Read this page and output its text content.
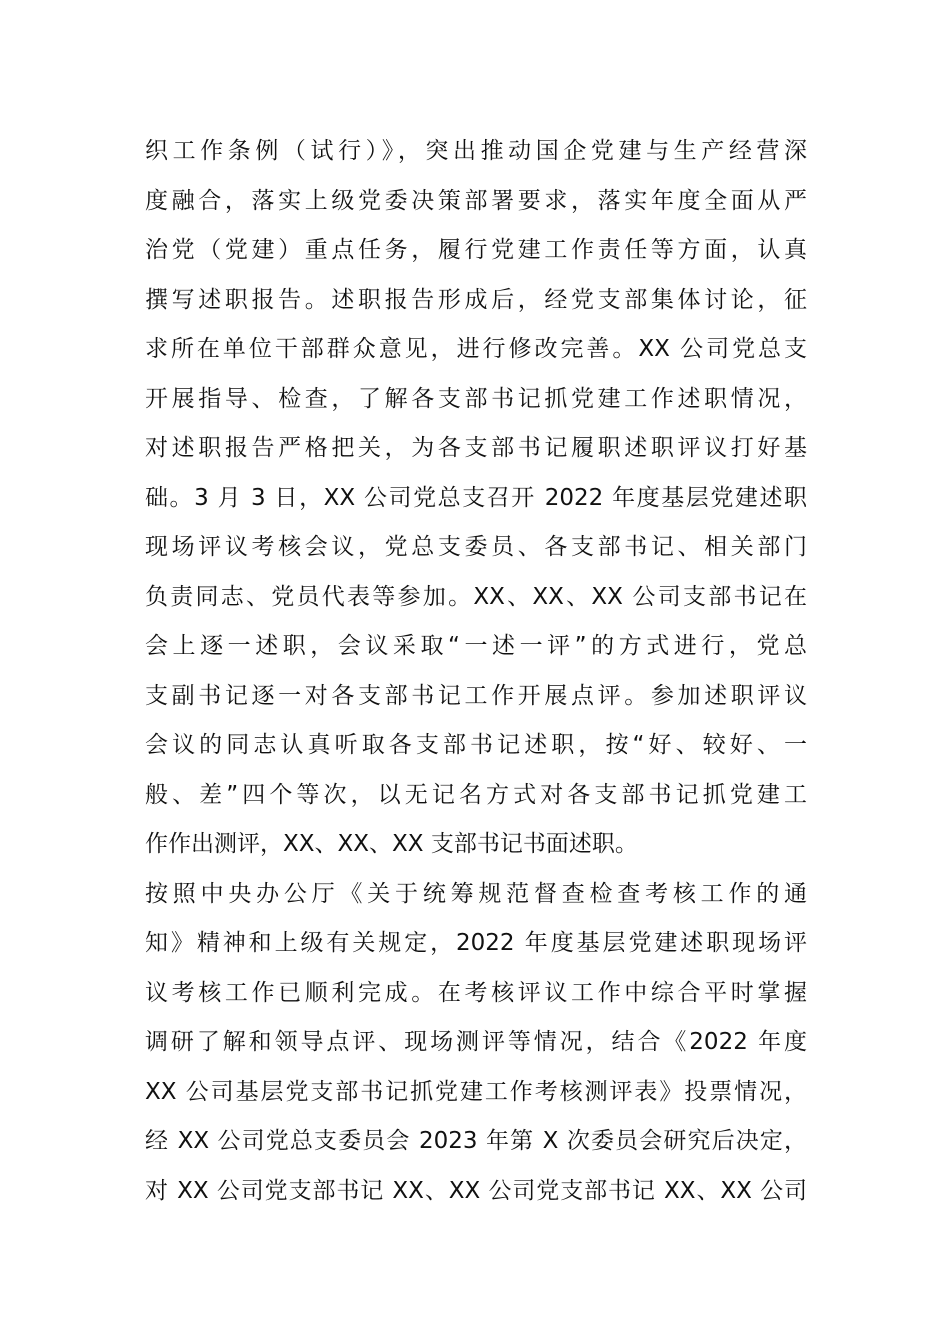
织工作条例（试行）》，突出推动国企党建与生产经营深
度融合，落实上级党委决策部署要求，落实年度全面从严
治党（党建）重点任务，履行党建工作责任等方面，认真
撰写述职报告。述职报告形成后，经党支部集体讨论，征
求所在单位干部群众意见，进行修改完善。XX 公司党总支
开展指导、检查，了解各支部书记抓党建工作述职情况，
对述职报告严格把关，为各支部书记履职述职评议打好基
础。3 月 3 日，XX 公司党总支召开 2022 年度基层党建述职
现场评议考核会议，党总支委员、各支部书记、相关部门
负责同志、党员代表等参加。XX、XX、XX 公司支部书记在
会上逐一述职，会议采取“一述一评”的方式进行，党总
支副书记逐一对各支部书记工作开展点评。参加述职评议
会议的同志认真听取各支部书记述职，按“好、较好、一
般、差”四个等次，以无记名方式对各支部书记抓党建工
作作出测评，XX、XX、XX 支部书记书面述职。
按照中央办公厅《关于统筹规范督查检查考核工作的通
知》精神和上级有关规定，2022 年度基层党建述职现场评
议考核工作已顺利完成。在考核评议工作中综合平时掌握
调研了解和领导点评、现场测评等情况，结合《2022 年度
XX 公司基层党支部书记抓党建工作考核测评表》投票情况，
经 XX 公司党总支委员会 2023 年第 X 次委员会研究后决定，
对 XX 公司党支部书记 XX、XX 公司党支部书记 XX、XX 公司
